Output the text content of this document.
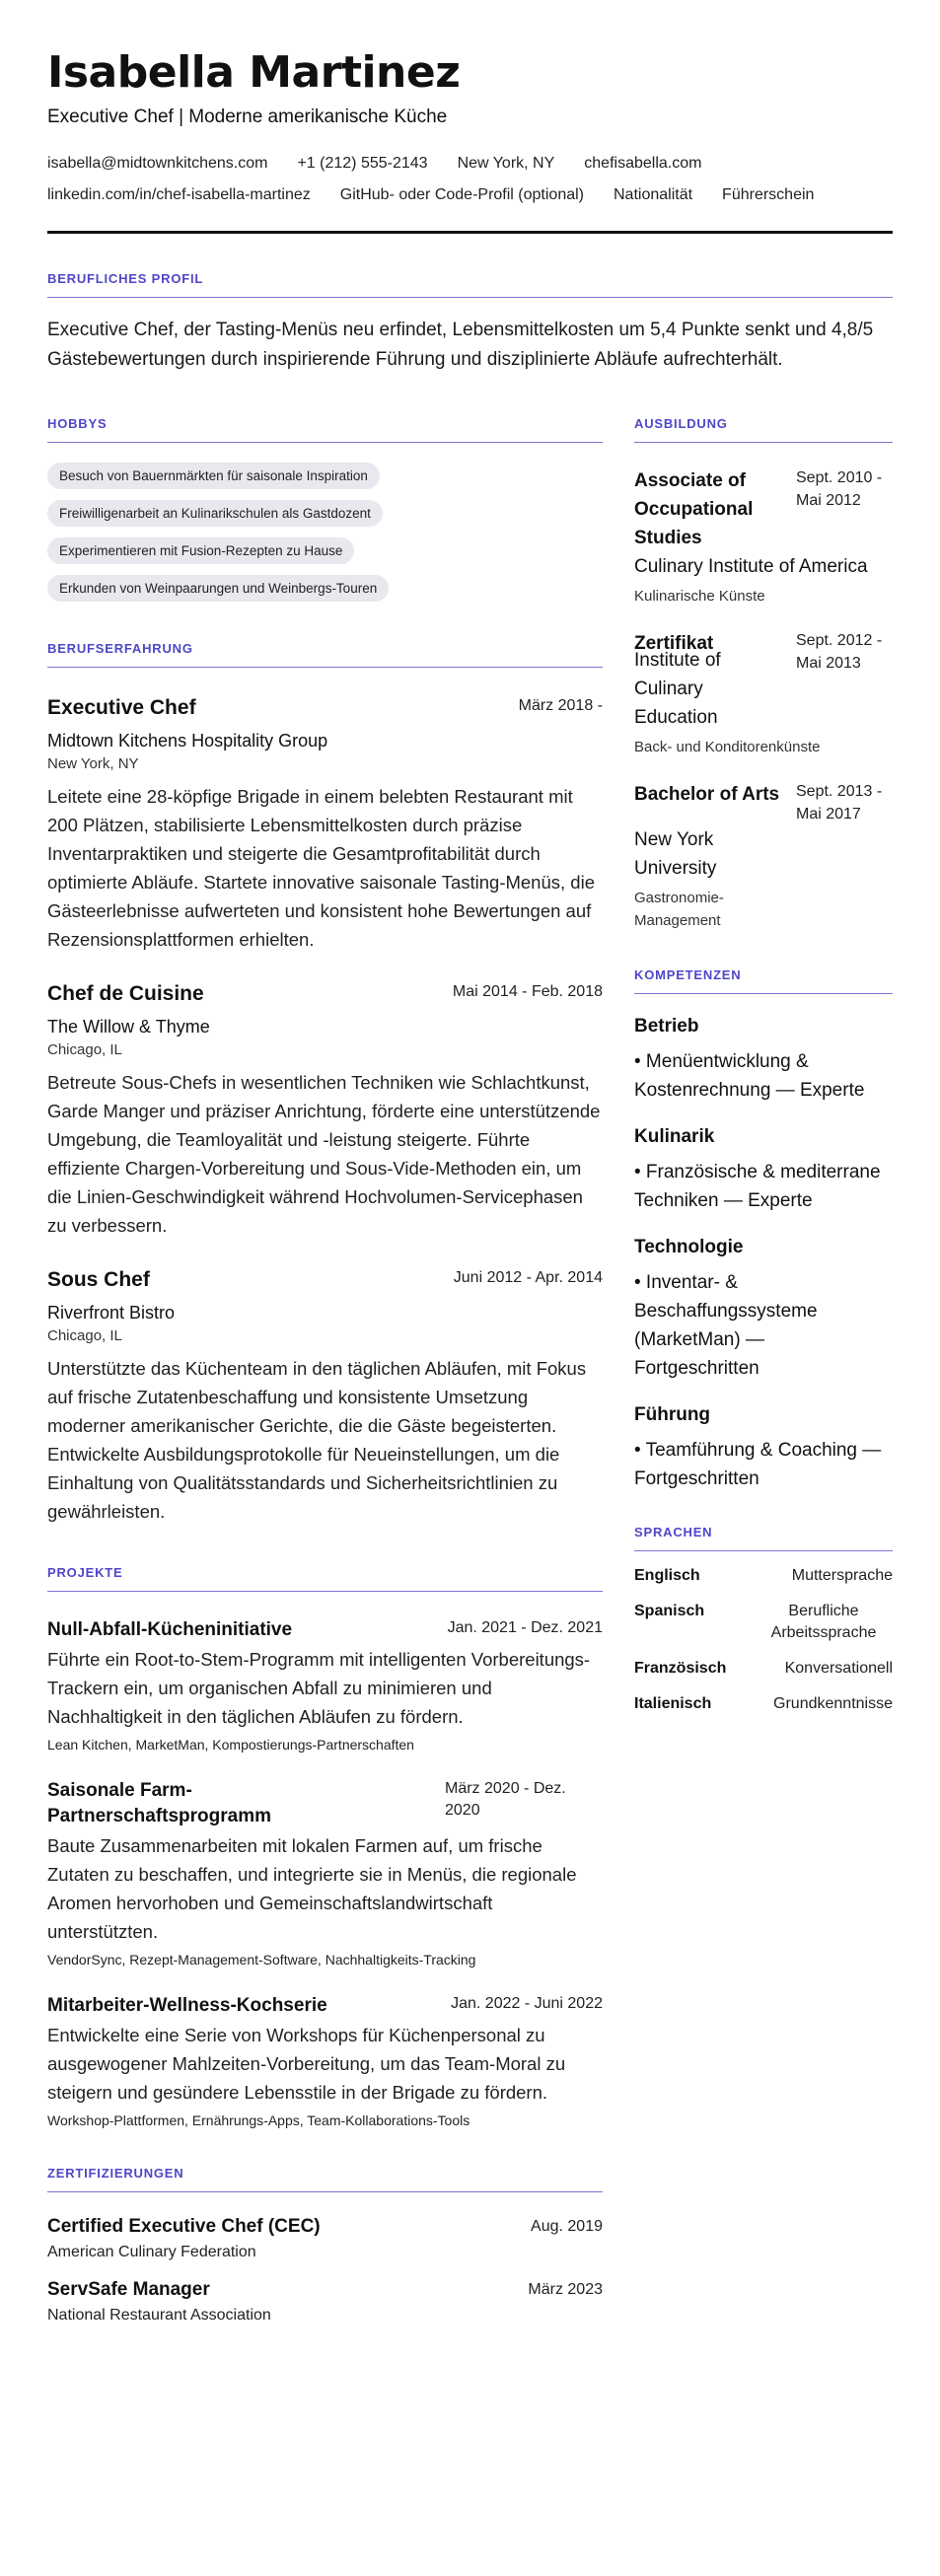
Isabella Martinez
Executive Chef | Moderne amerikanische Küche
isabella@midtownkitchens.com +1 (212) 555-2143 New York, NY chefisabella.com
linkedin.com/in/chef-isabella-martinez GitHub- oder Code-Profil (optional) Nationalität Führerschein
BERUFLICHES PROFIL

Executive Chef, der Tasting-Menüs neu erfindet, Lebensmittelkosten um 5,4 Punkte senkt und 4,8/5 Gästebewertungen durch inspirierende Führung und disziplinierte Abläufe aufrechterhält.

HOBBYS
Besuch von Bauernmärkten für saisonale Inspiration
Freiwilligenarbeit an Kulinarikschulen als Gastdozent
Experimentieren mit Fusion-Rezepten zu Hause
Erkunden von Weinpaarungen und Weinbergs-Touren
BERUFSERFAHRUNG
Executive Chef	März 2018 -
Midtown Kitchens Hospitality Group
New York, NY
Leitete eine 28-köpfige Brigade in einem belebten Restaurant mit 200 Plätzen, stabilisierte Lebensmittelkosten durch präzise Inventarpraktiken und steigerte die Gesamtprofitabilität durch optimierte Abläufe. Startete innovative saisonale Tasting-Menüs, die Gästeerlebnisse aufwerteten und konsistent hohe Bewertungen auf Rezensionsplattformen erhielten.
Chef de Cuisine	Mai 2014 - Feb. 2018
The Willow & Thyme
Chicago, IL
Betreute Sous-Chefs in wesentlichen Techniken wie Schlachtkunst, Garde Manger und präziser Anrichtung, förderte eine unterstützende Umgebung, die Teamloyalität und -leistung steigerte. Führte effiziente Chargen-Vorbereitung und Sous-Vide-Methoden ein, um die Linien-Geschwindigkeit während Hochvolumen-Servicephasen zu verbessern.
Sous Chef	Juni 2012 - Apr. 2014
Riverfront Bistro
Chicago, IL
Unterstützte das Küchenteam in den täglichen Abläufen, mit Fokus auf frische Zutatenbeschaffung und konsistente Umsetzung moderner amerikanischer Gerichte, die die Gäste begeisterten. Entwickelte Ausbildungsprotokolle für Neueinstellungen, um die Einhaltung von Qualitätsstandards und Sicherheitsrichtlinien zu gewährleisten.
PROJEKTE
Null-Abfall-Kücheninitiative	Jan. 2021 - Dez. 2021
Führte ein Root-to-Stem-Programm mit intelligenten Vorbereitungs-Trackern ein, um organischen Abfall zu minimieren und Nachhaltigkeit in den täglichen Abläufen zu fördern.
Lean Kitchen, MarketMan, Kompostierungs-Partnerschaften
Saisonale Farm-Partnerschaftsprogramm
März 2020 - Dez. 2020
Baute Zusammenarbeiten mit lokalen Farmen auf, um frische Zutaten zu beschaffen, und integrierte sie in Menüs, die regionale Aromen hervorhoben und Gemeinschaftslandwirtschaft unterstützten.
VendorSync, Rezept-Management-Software, Nachhaltigkeits-Tracking
Mitarbeiter-Wellness-Kochserie	Jan. 2022 - Juni 2022
Entwickelte eine Serie von Workshops für Küchenpersonal zu ausgewogener Mahlzeiten-Vorbereitung, um das Team-Moral zu steigern und gesündere Lebensstile in der Brigade zu fördern.
Workshop-Plattformen, Ernährungs-Apps, Team-Kollaborations-Tools
ZERTIFIZIERUNGEN
Certified Executive Chef (CEC)	Aug. 2019
American Culinary Federation
ServSafe Manager	März 2023
National Restaurant Association
AUSBILDUNG
Associate of Occupational Studies
Sept. 2010 - Mai 2012
Culinary Institute of America
Kulinarische Künste
Zertifikat	Sept. 2012 - Mai 2013
Institute of Culinary Education
Back- und Konditorenkünste
Bachelor of Arts Sept. 2013 - Mai 2017
New York University
Gastronomie-Management
KOMPETENZEN
Betrieb
• Menüentwicklung & Kostenrechnung — Experte
Kulinarik
• Französische & mediterrane Techniken — Experte
Technologie
• Inventar- & Beschaffungssysteme (MarketMan) — Fortgeschritten
Führung
• Teamführung & Coaching — Fortgeschritten
SPRACHEN
Englisch	Muttersprache
Spanisch	Berufliche Arbeitssprache
Französisch	Konversationell
Italienisch	Grundkenntnisse
